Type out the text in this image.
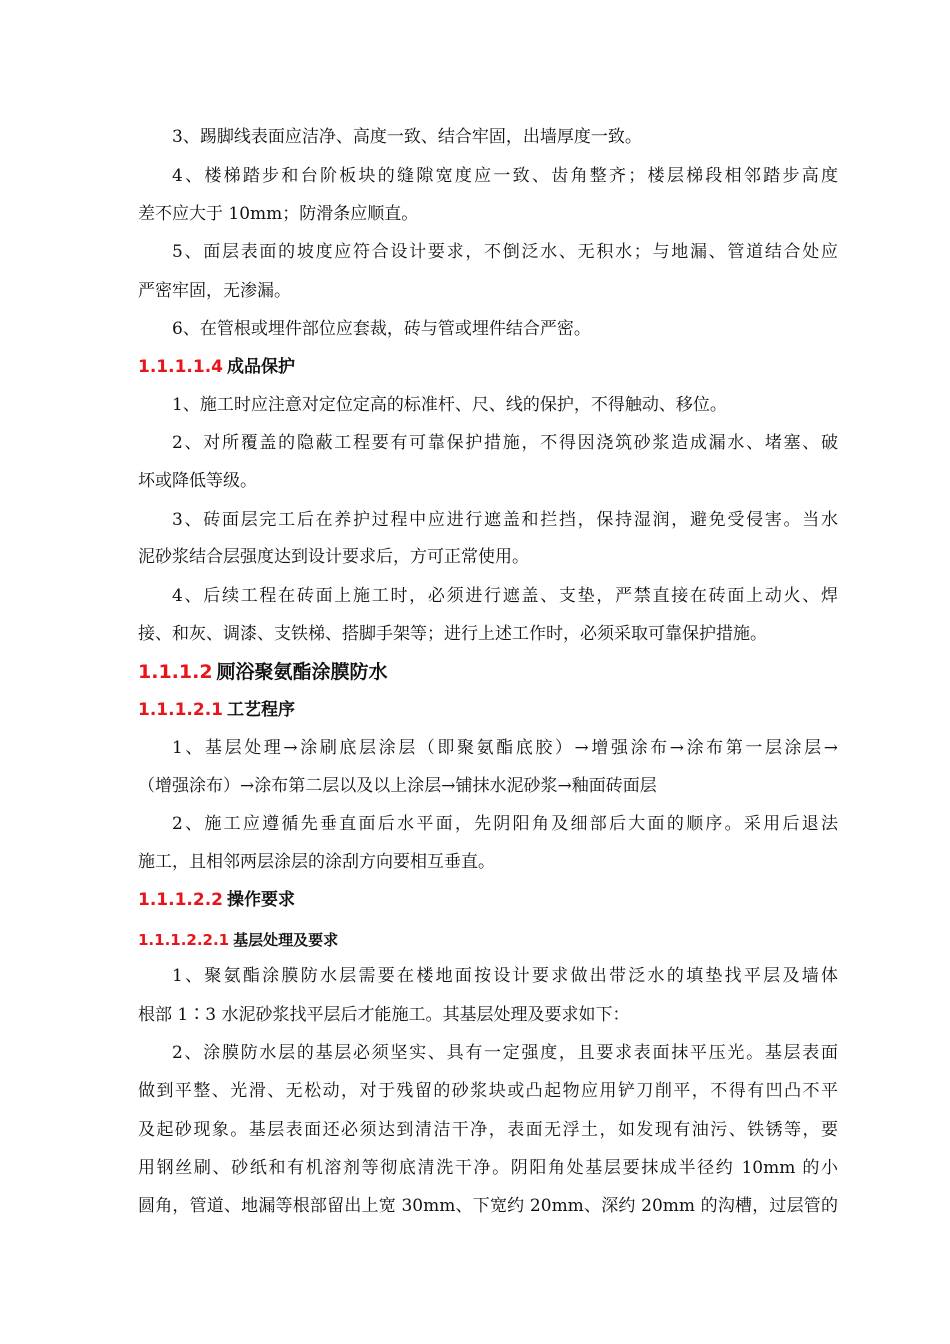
3、踢脚线表面应洁净、高度一致、结合牢固，出墙厚度一致。
4、楼梯踏步和台阶板块的缝隙宽度应一致、齿角整齐；楼层梯段相邻踏步高度
差不应大于 10mm；防滑条应顺直。
5、面层表面的坡度应符合设计要求，不倒泛水、无积水；与地漏、管道结合处应
严密牢固，无渗漏。
6、在管根或埋件部位应套裁，砖与管或埋件结合严密。
1.1.1.1.4 成品保护
1、施工时应注意对定位定高的标准杆、尺、线的保护，不得触动、移位。
2、对所覆盖的隐蔽工程要有可靠保护措施，不得因浇筑砂浆造成漏水、堵塞、破
坏或降低等级。
3、砖面层完工后在养护过程中应进行遮盖和拦挡，保持湿润，避免受侵害。当水
泥砂浆结合层强度达到设计要求后，方可正常使用。
4、后续工程在砖面上施工时，必须进行遮盖、支垫，严禁直接在砖面上动火、焊
接、和灰、调漆、支铁梯、搭脚手架等；进行上述工作时，必须采取可靠保护措施。
1.1.1.2 厕浴聚氨酯涂膜防水
1.1.1.2.1 工艺程序
1、基层处理→涂刷底层涂层（即聚氨酯底胶）→增强涂布→涂布第一层涂层→
（增强涂布）→涂布第二层以及以上涂层→铺抹水泥砂浆→釉面砖面层
2、施工应遵循先垂直面后水平面，先阴阳角及细部后大面的顺序。采用后退法
施工，且相邻两层涂层的涂刮方向要相互垂直。
1.1.1.2.2 操作要求
1.1.1.2.2.1 基层处理及要求
1、聚氨酯涂膜防水层需要在楼地面按设计要求做出带泛水的填垫找平层及墙体
根部 1∶3 水泥砂浆找平层后才能施工。其基层处理及要求如下：
2、涂膜防水层的基层必须坚实、具有一定强度，且要求表面抹平压光。基层表面
做到平整、光滑、无松动，对于残留的砂浆块或凸起物应用铲刀削平，不得有凹凸不平
及起砂现象。基层表面还必须达到清洁干净，表面无浮土，如发现有油污、铁锈等，要
用钢丝刷、砂纸和有机溶剂等彻底清洗干净。阴阳角处基层要抹成半径约 10mm 的小
圆角，管道、地漏等根部留出上宽 30mm、下宽约 20mm、深约 20mm 的沟槽，过层管的
